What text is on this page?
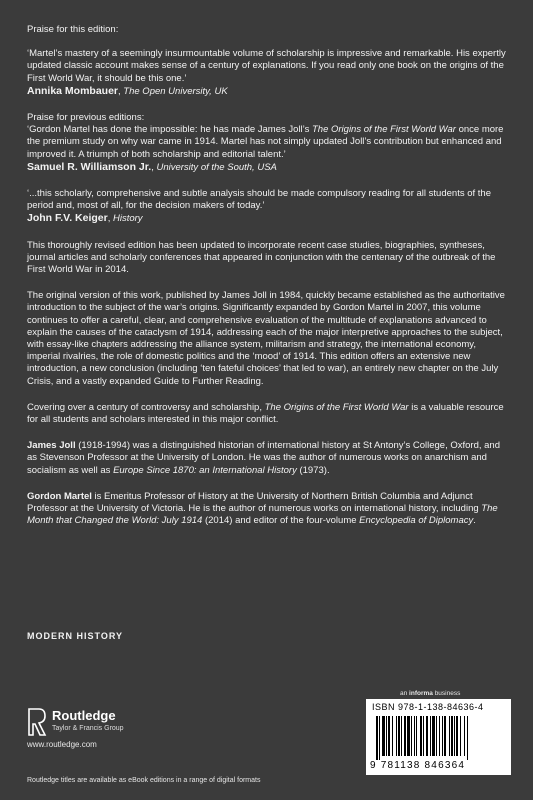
Praise for this edition:

‘Martel’s mastery of a seemingly insurmountable volume of scholarship is impressive and remarkable. His expertly updated classic account makes sense of a century of explanations. If you read only one book on the origins of the First World War, it should be this one.’

Annika Mombauer, The Open University, UK

Praise for previous editions:

‘Gordon Martel has done the impossible: he has made James Joll’s The Origins of the First World War once more the premium study on why war came in 1914. Martel has not simply updated Joll’s contribution but enhanced and improved it. A triumph of both scholarship and editorial talent.’

Samuel R. Williamson Jr., University of the South, USA

‘...this scholarly, comprehensive and subtle analysis should be made compulsory reading for all students of the period and, most of all, for the decision makers of today.’

John F.V. Keiger, History

This thoroughly revised edition has been updated to incorporate recent case studies, biographies, syntheses, journal articles and scholarly conferences that appeared in conjunction with the centenary of the outbreak of the First World War in 2014.

The original version of this work, published by James Joll in 1984, quickly became established as the authoritative introduction to the subject of the war’s origins. Significantly expanded by Gordon Martel in 2007, this volume continues to offer a careful, clear, and comprehensive evaluation of the multitude of explanations advanced to explain the causes of the cataclysm of 1914, addressing each of the major interpretive approaches to the subject, with essay-like chapters addressing the alliance system, militarism and strategy, the international economy, imperial rivalries, the role of domestic politics and the ‘mood’ of 1914. This edition offers an extensive new introduction, a new conclusion (including ‘ten fateful choices’ that led to war), an entirely new chapter on the July Crisis, and a vastly expanded Guide to Further Reading.

Covering over a century of controversy and scholarship, The Origins of the First World War is a valuable resource for all students and scholars interested in this major conflict.

James Joll (1918-1994) was a distinguished historian of international history at St Antony’s College, Oxford, and as Stevenson Professor at the University of London. He was the author of numerous works on anarchism and socialism as well as Europe Since 1870: an International History (1973).

Gordon Martel is Emeritus Professor of History at the University of Northern British Columbia and Adjunct Professor at the University of Victoria. He is the author of numerous works on international history, including The Month that Changed the World: July 1914 (2014) and editor of the four-volume Encyclopedia of Diplomacy.

MODERN HISTORY
an informa business
Routledge
Taylor & Francis Group
www.routledge.com
ISBN 978-1-138-84636-4
9 781138 846364
Routledge titles are available as eBook editions in a range of digital formats
